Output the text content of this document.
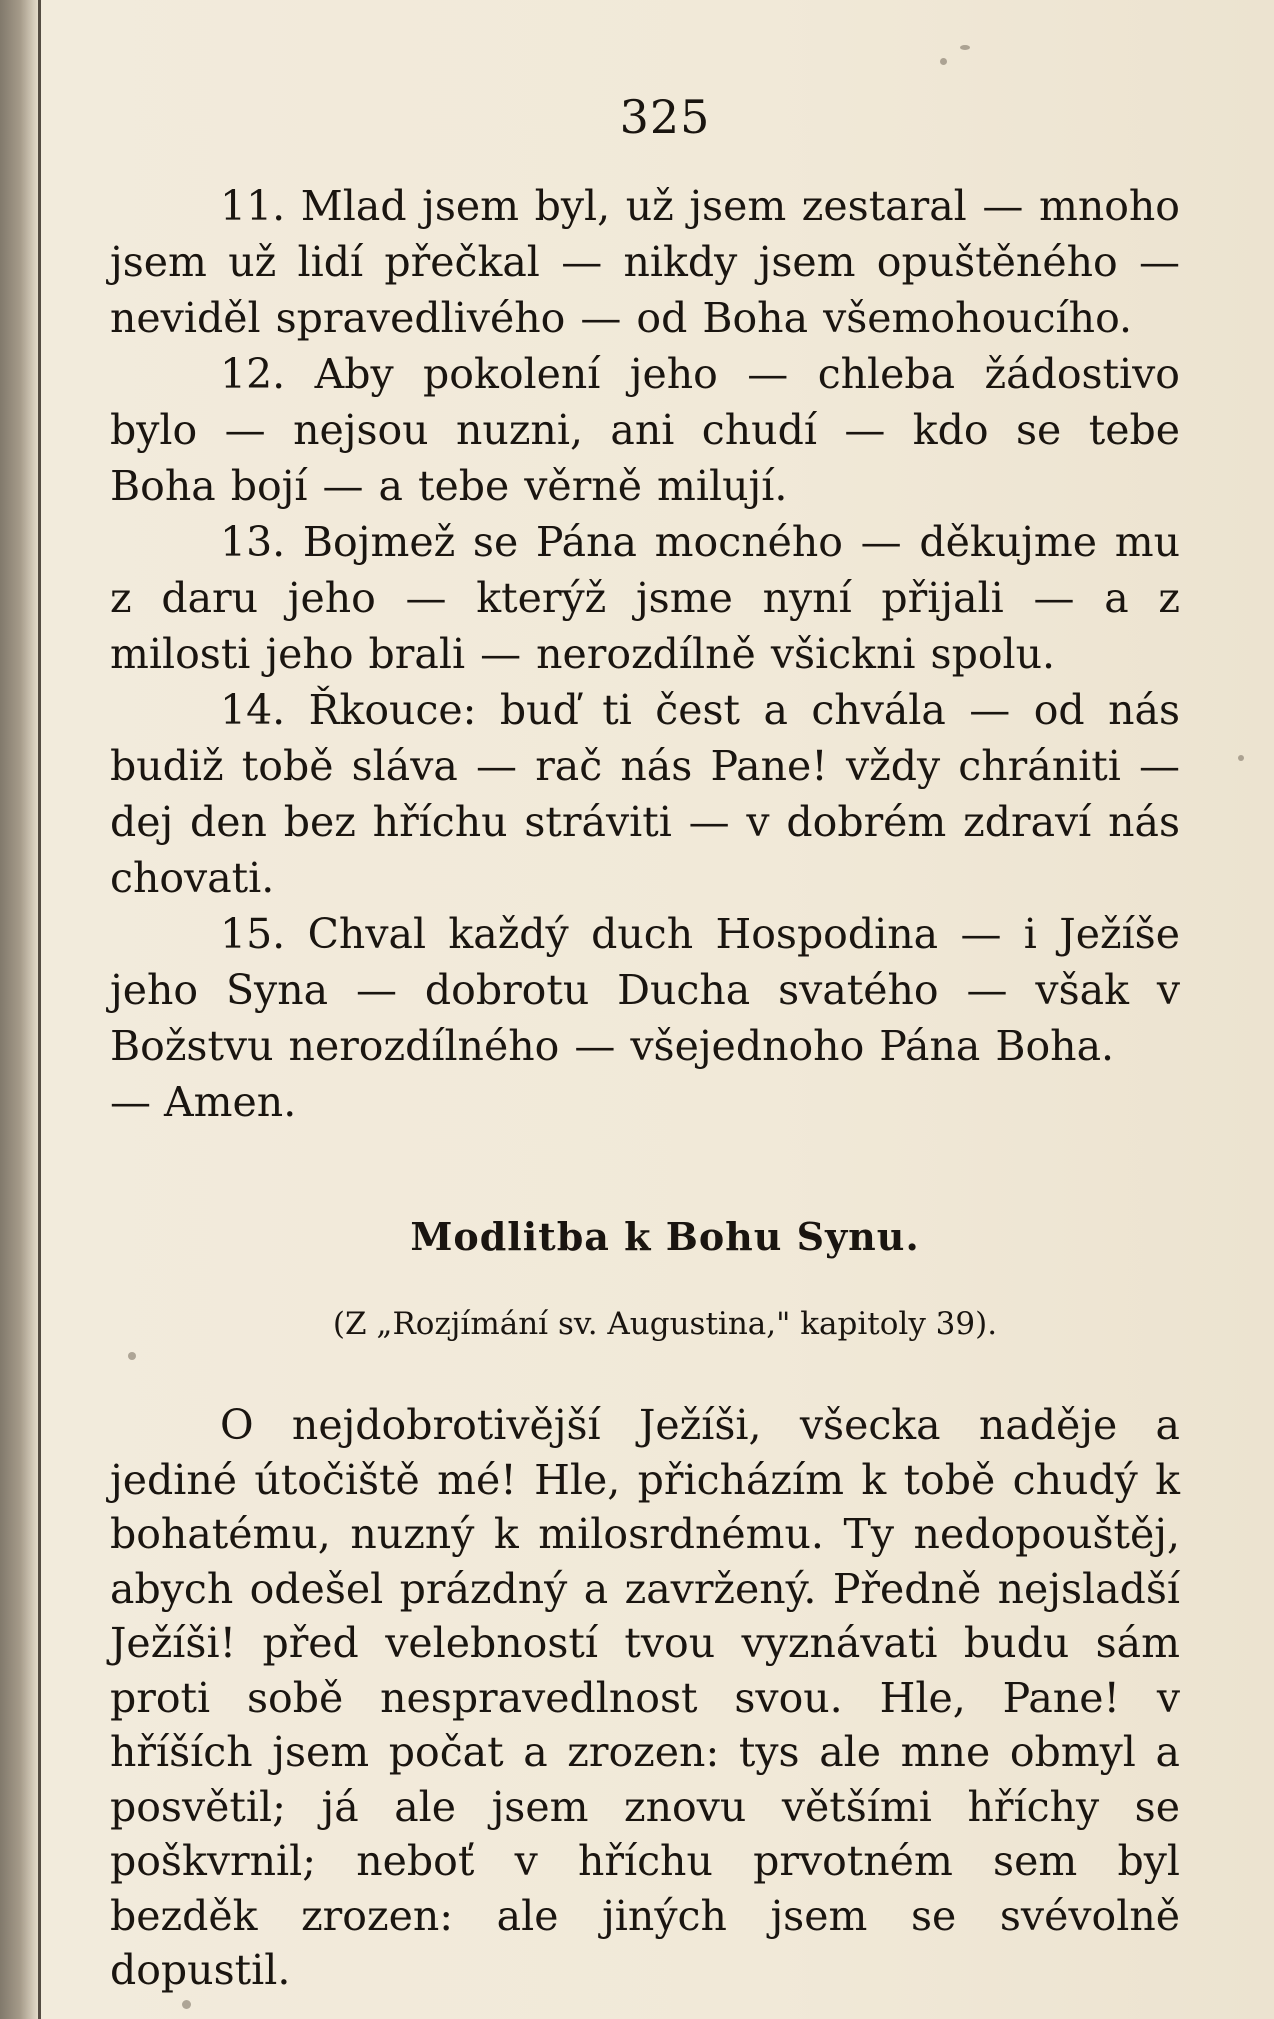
325

11. Mlad jsem byl, už jsem zestaral — mnoho jsem už lidí přečkal — nikdy jsem opuštěného — neviděl spravedlivého — od Boha všemohoucího.

12. Aby pokolení jeho — chleba žádostivo bylo — nejsou nuzni, ani chudí — kdo se tebe Boha bojí — a tebe věrně milují.

13. Bojmež se Pána mocného — děkujme mu z daru jeho — kterýž jsme nyní přijali — a z milosti jeho brali — nerozdílně všickni spolu.

14. Řkouce: buď ti čest a chvála — od nás budiž tobě sláva — rač nás Pane! vždy chrániti — dej den bez hříchu stráviti — v dobrém zdraví nás chovati.

15. Chval každý duch Hospodina — i Ježíše jeho Syna — dobrotu Ducha svatého — však v Božstvu nerozdílného — všejednoho Pána Boha.

— Amen.

Modlitba k Bohu Synu.
(Z „Rozjímání sv. Augustina," kapitoly 39).

O nejdobrotivější Ježíši, všecka naděje a jediné útočiště mé! Hle, přicházím k tobě chudý k bohatému, nuzný k milosrdnému. Ty nedopouštěj, abych odešel prázdný a zavržený. Předně nejsladší Ježíši! před velebností tvou vyznávati budu sám proti sobě nespravedlnost svou. Hle, Pane! v hříších jsem počat a zrozen: tys ale mne obmyl a posvětil; já ale jsem znovu většími hříchy se poškvrnil; neboť v hříchu prvotném sem byl bezděk zrozen: ale jiných jsem se svévolně dopustil.
